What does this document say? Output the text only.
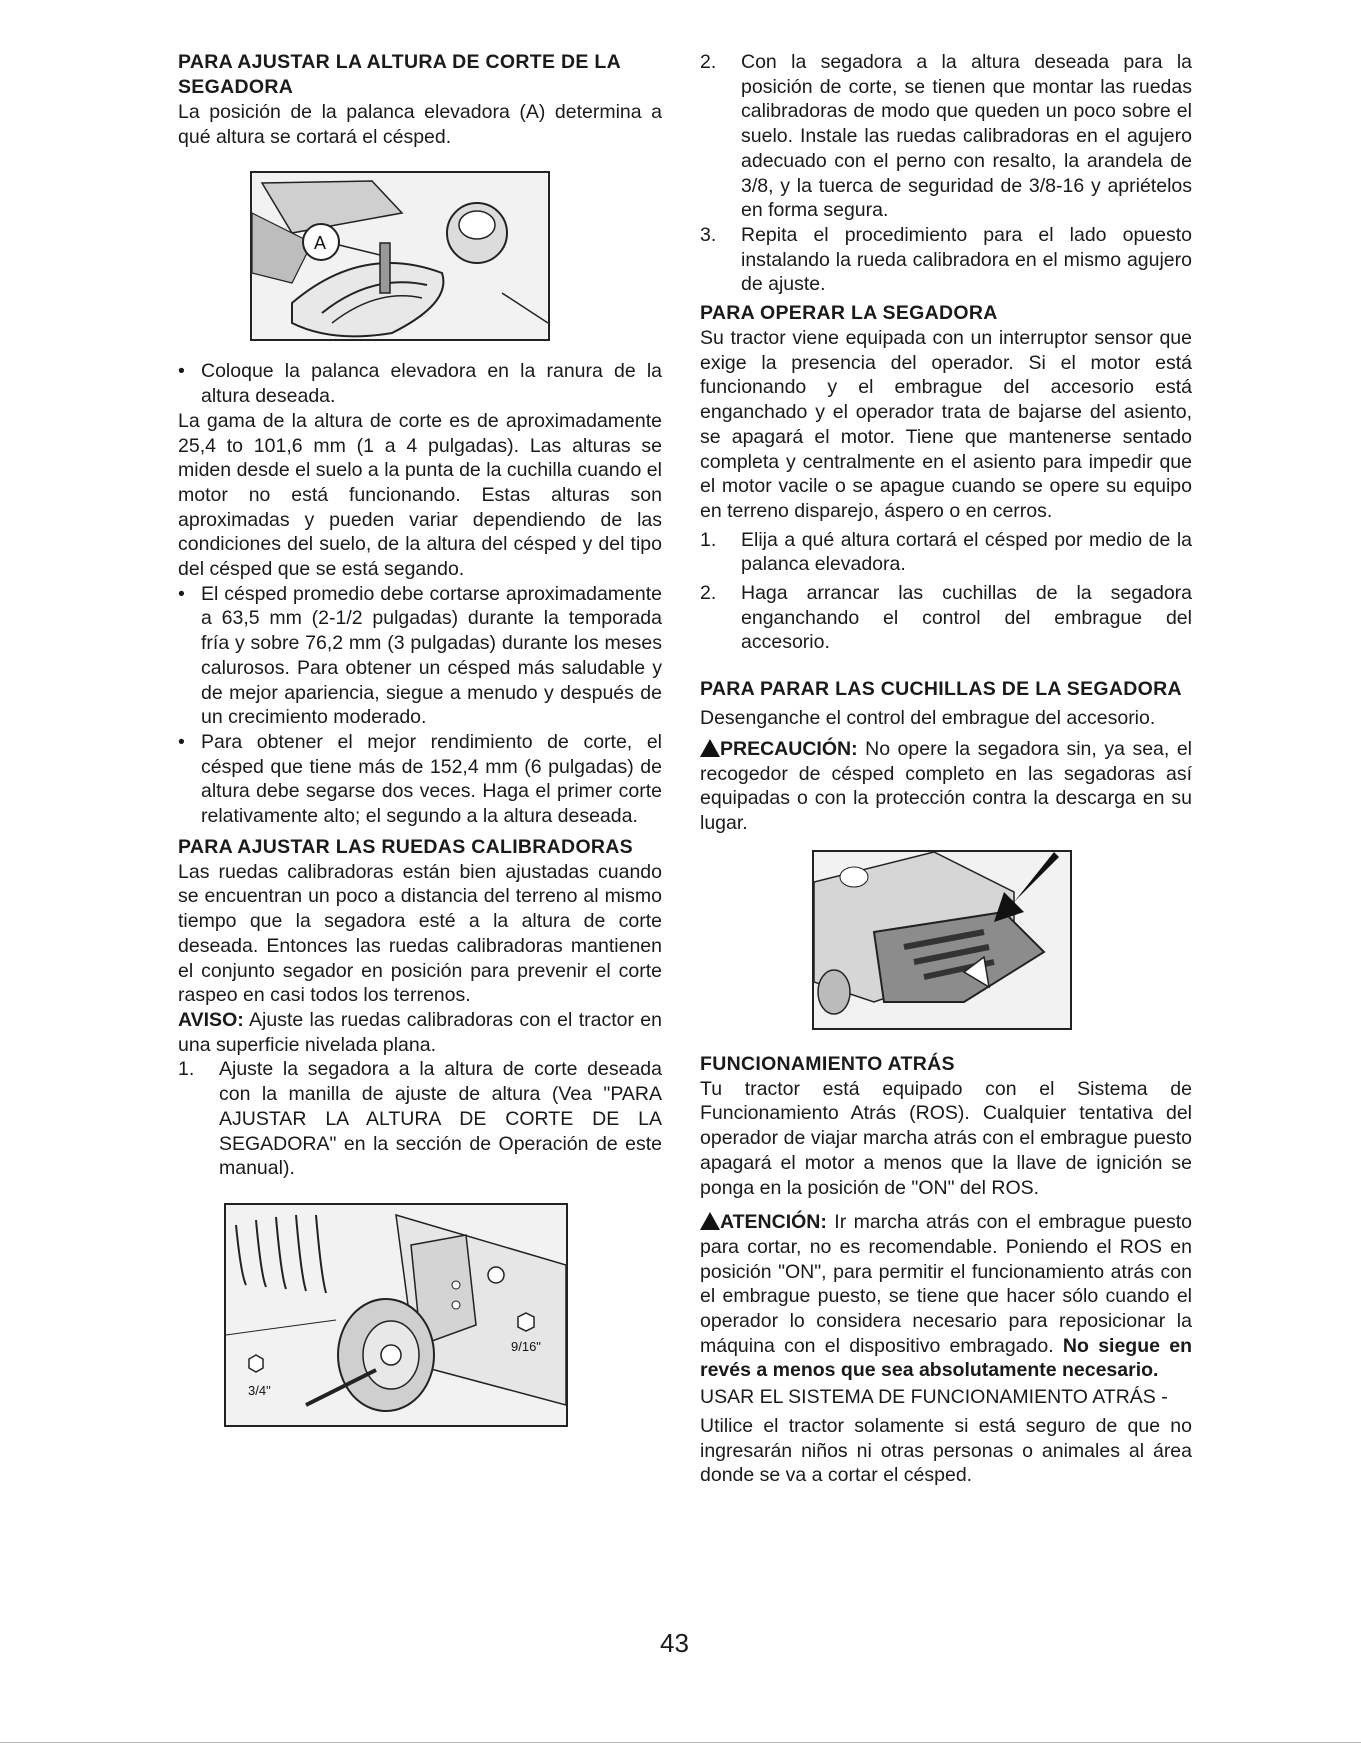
PARA AJUSTAR LA ALTURA DE CORTE DE LA SEGADORA

La posición de la palanca elevadora (A) determina a qué altura se cortará el césped.

A
• Coloque la palanca elevadora en la ranura de la altura deseada.

La gama de la altura de corte es de aproximadamente 25,4 to 101,6 mm (1 a 4 pulgadas). Las alturas se miden desde el suelo a la punta de la cuchilla cuando el motor no está funcionando. Estas alturas son aproximadas y pueden variar dependiendo de las condiciones del suelo, de la altura del césped y del tipo del césped que se está segando.

• El césped promedio debe cortarse aproximadamente a 63,5 mm (2-1/2 pulgadas) durante la temporada fría y sobre 76,2 mm (3 pulgadas) durante los meses calurosos. Para obtener un césped más saludable y de mejor apariencia, siegue a menudo y después de un crecimiento moderado.
• Para obtener el mejor rendimiento de corte, el césped que tiene más de 152,4 mm (6 pulgadas) de altura debe segarse dos veces. Haga el primer corte relativamente alto; el segundo a la altura deseada.
PARA AJUSTAR LAS RUEDAS CALIBRADORAS

Las ruedas calibradoras están bien ajustadas cuando se encuentran un poco a distancia del terreno al mismo tiempo que la segadora esté a la altura de corte deseada. Entonces las ruedas calibradoras mantienen el conjunto segador en posición para prevenir el corte raspeo en casi todos los terrenos.

AVISO: Ajuste las ruedas calibradoras con el tractor en una superficie nivelada plana.

1. Ajuste la segadora a la altura de corte deseada con la manilla de ajuste de altura (Vea "PARA AJUSTAR LA ALTURA DE CORTE DE LA SEGADORA" en la sección de Operación de este manual).
9/16"
3/4"
2. Con la segadora a la altura deseada para la posición de corte, se tienen que montar las ruedas calibradoras de modo que queden un poco sobre el suelo. Instale las ruedas calibradoras en el agujero adecuado con el perno con resalto, la arandela de 3/8, y la tuerca de seguridad de 3/8-16 y apriételos en forma segura.
3. Repita el procedimiento para el lado opuesto instalando la rueda calibradora en el mismo agujero de ajuste.
PARA OPERAR LA SEGADORA

Su tractor viene equipada con un interruptor sensor que exige la presencia del operador. Si el motor está funcionando y el embrague del accesorio está enganchado y el operador trata de bajarse del asiento, se apagará el motor. Tiene que mantenerse sentado completa y centralmente en el asiento para impedir que el motor vacile o se apague cuando se opere su equipo en terreno disparejo, áspero o en cerros.

1. Elija a qué altura cortará el césped por medio de la palanca elevadora.
2. Haga arrancar las cuchillas de la segadora enganchando el control del embrague del accesorio.
PARA PARAR LAS CUCHILLAS DE LA SEGADORA

Desenganche el control del embrague del accesorio.

PRECAUCIÓN: No opere la segadora sin, ya sea, el recogedor de césped completo en las segadoras así equipadas o con la protección contra la descarga en su lugar.

FUNCIONAMIENTO ATRÁS

Tu tractor está equipado con el Sistema de Funcionamiento Atrás (ROS). Cualquier tentativa del operador de viajar marcha atrás con el embrague puesto apagará el motor a menos que la llave de ignición se ponga en la posición de "ON" del ROS.

ATENCIÓN: Ir marcha atrás con el embrague puesto para cortar, no es recomendable. Poniendo el ROS en posición "ON", para permitir el funcionamiento atrás con el embrague puesto, se tiene que hacer sólo cuando el operador lo considera necesario para reposicionar la máquina con el dispositivo embragado. No siegue en revés a menos que sea absolutamente necesario.

USAR EL SISTEMA DE FUNCIONAMIENTO ATRÁS -

Utilice el tractor solamente si está seguro de que no ingresarán niños ni otras personas o animales al área donde se va a cortar el césped.

43
